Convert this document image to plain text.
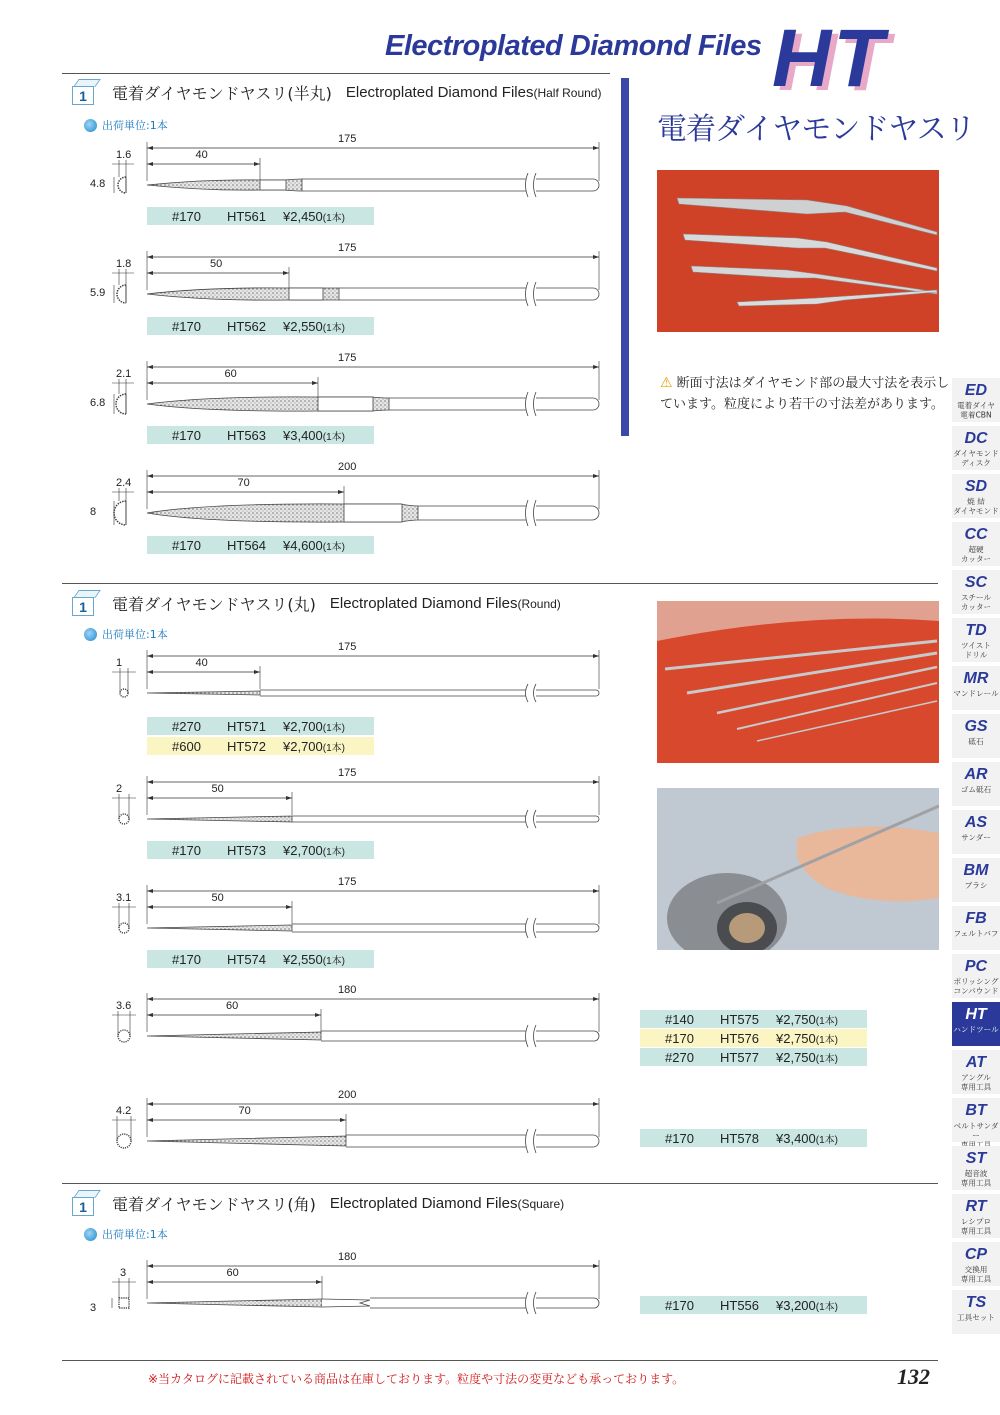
Electroplated Diamond Files HT
電着ダイヤモンドヤスリ
1	電着ダイヤモンドヤスリ(半丸) Electroplated Diamond Files(Half Round)
出荷単位:1本
1	電着ダイヤモンドヤスリ(丸) Electroplated Diamond Files(Round)
出荷単位:1本
1	電着ダイヤモンドヤスリ(角) Electroplated Diamond Files(Square)
出荷単位:1本
1.6
4.8
175
40
1.8
5.9
175
50
2.1
6.8
175
60
2.4
8
200
70
1
175
40
2
175
50
3.1
175
50
3.6
180
60
4.2
200
70
3
3
180
60
#170	HT561	¥2,450(1本)
#170	HT562	¥2,550(1本)
#170	HT563	¥3,400(1本)
#170	HT564	¥4,600(1本)
#270	HT571	¥2,700(1本)
#600	HT572	¥2,700(1本)
#170	HT573	¥2,700(1本)
#170	HT574	¥2,550(1本)
#140	HT575	¥2,750(1本)
#170	HT576	¥2,750(1本)
#270	HT577	¥2,750(1本)
#170	HT578	¥3,400(1本)
#170	HT556	¥3,200(1本)
⚠ 断面寸法はダイヤモンド部の最大寸法を表示しています。粒度により若干の寸法差があります。
ED
電着ダイヤ
電着CBN
DC
ダイヤモンド
ディスク
SD
焼 結
ダイヤモンド
CC
超硬
カッター
SC
スチール
カッター
TD
ツイスト
ドリル
MR
マンドレール
GS
砥石
AR
ゴム砥石
AS
サンダー
BM
ブラシ
FB
フェルトバフ
PC
ポリッシング
コンパウンド
HT
ハンドツール
AT
アングル
専用工具
BT
ベルトサンダー

ST
超音波
専用工具
RT
レシプロ
専用工具
CP
交換用
専用工具
TS
工具セット
※当カタログに記載されている商品は在庫しております。粒度や寸法の変更なども承っております。	132
